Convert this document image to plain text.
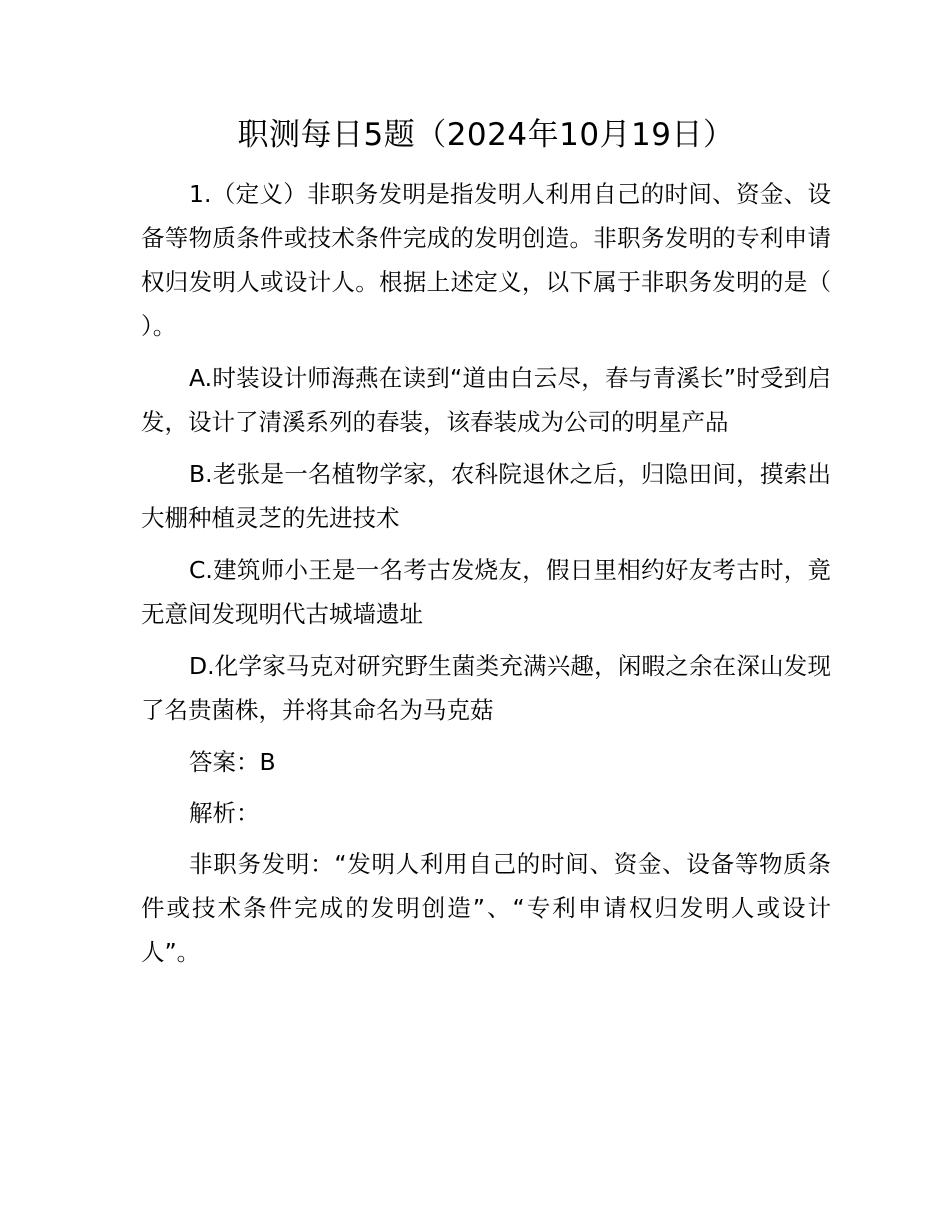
职测每日5题（2024年10月19日）

1.（定义）非职务发明是指发明人利用自己的时间、资金、设备等物质条件或技术条件完成的发明创造。非职务发明的专利申请权归发明人或设计人。根据上述定义，以下属于非职务发明的是（ ）。

A.时装设计师海燕在读到“道由白云尽，春与青溪长”时受到启发，设计了清溪系列的春装，该春装成为公司的明星产品

B.老张是一名植物学家，农科院退休之后，归隐田间，摸索出大棚种植灵芝的先进技术

C.建筑师小王是一名考古发烧友，假日里相约好友考古时，竟无意间发现明代古城墙遗址

D.化学家马克对研究野生菌类充满兴趣，闲暇之余在深山发现了名贵菌株，并将其命名为马克菇

答案：B

解析：

非职务发明：“发明人利用自己的时间、资金、设备等物质条件或技术条件完成的发明创造”、“专利申请权归发明人或设计人”。
